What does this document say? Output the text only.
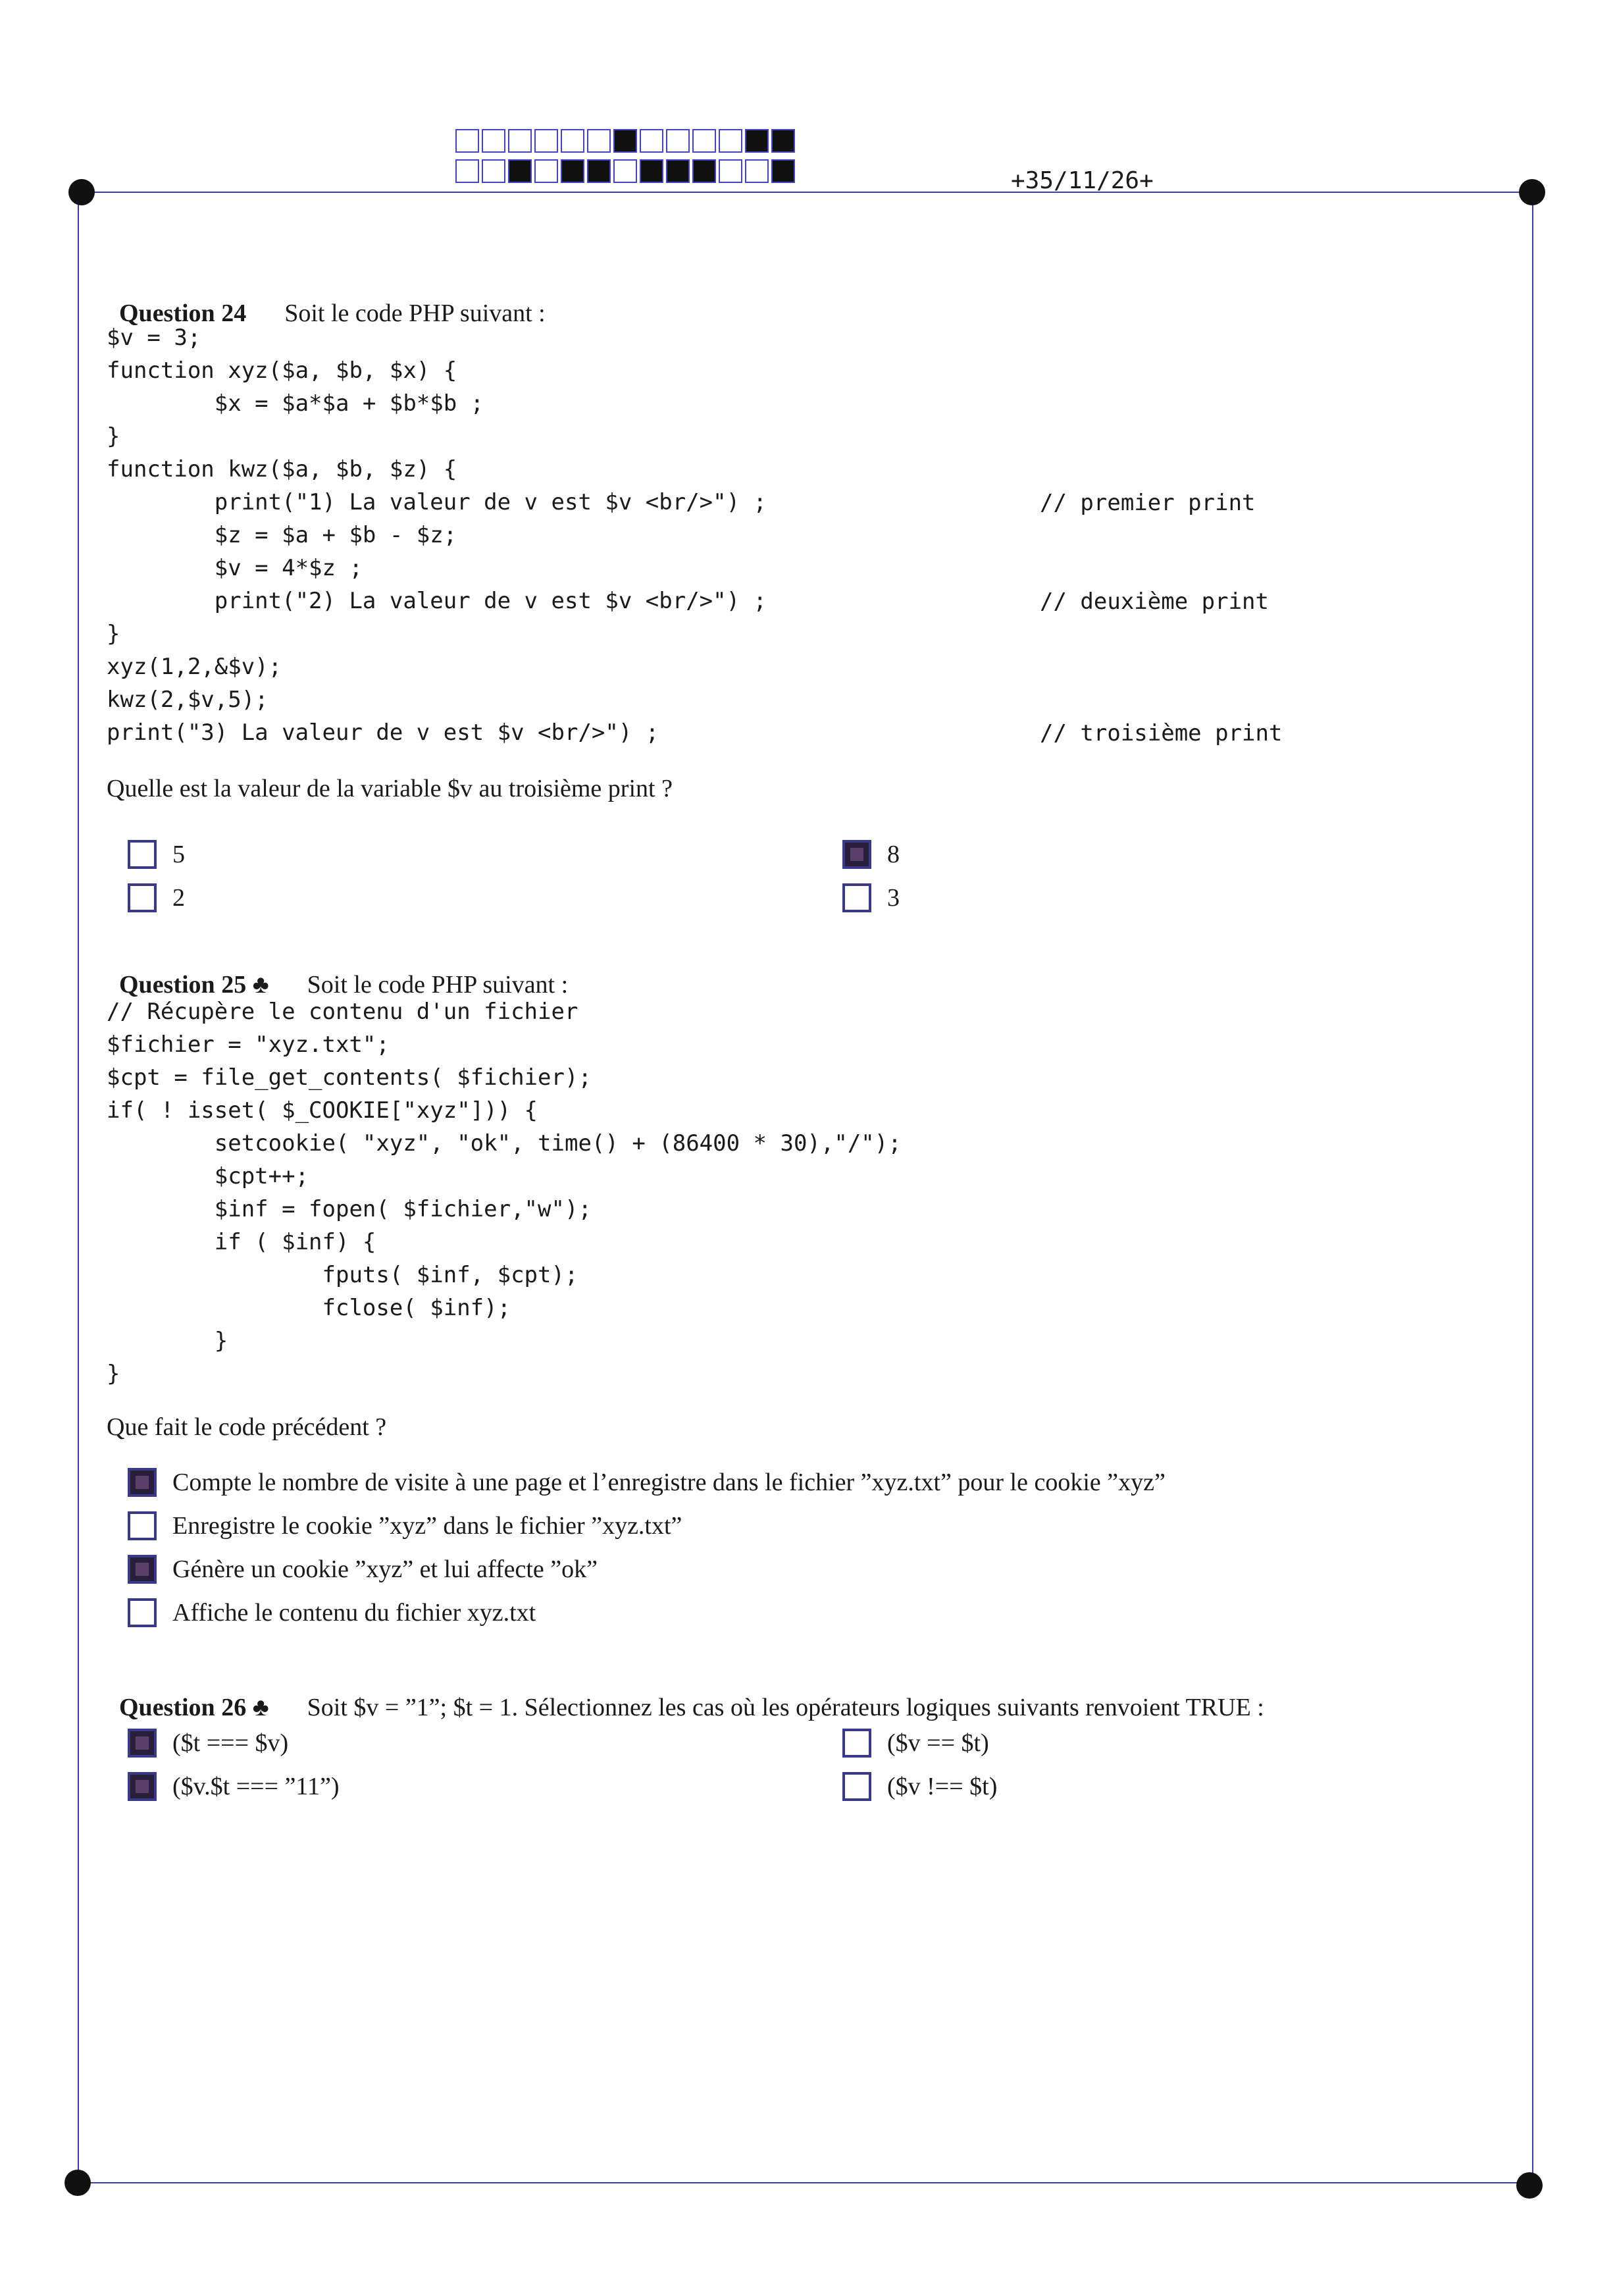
+35/11/26+

Question 24 Soit le code PHP suivant :

$v = 3;
function xyz($a, $b, $x) {
$x = $a*$a + $b*$b ;
}
function kwz($a, $b, $z) {
print("1) La valeur de v est $v <br/>") ;
$z = $a + $b - $z;
$v = 4*$z ;
print("2) La valeur de v est $v <br/>") ;
}
xyz(1,2,&$v);
kwz(2,$v,5);
print("3) La valeur de v est $v <br/>") ;
// premier print
// deuxième print
// troisième print
Quelle est la valeur de la variable $v au troisième print ?
5
2
8
3

Question 25 ♣ Soit le code PHP suivant :

// Récupère le contenu d'un fichier
$fichier = "xyz.txt";
$cpt = file_get_contents( $fichier);
if( ! isset( $_COOKIE["xyz"])) {
setcookie( "xyz", "ok", time() + (86400 * 30),"/");
$cpt++;
$inf = fopen( $fichier,"w");
if ( $inf) {
fputs( $inf, $cpt);
fclose( $inf);
}
}
Que fait le code précédent ?
Compte le nombre de visite à une page et l’enregistre dans le fichier ”xyz.txt” pour le cookie ”xyz”
Enregistre le cookie ”xyz” dans le fichier ”xyz.txt”
Génère un cookie ”xyz” et lui affecte ”ok”
Affiche le contenu du fichier xyz.txt

Question 26 ♣ Soit $v = ”1”; $t = 1. Sélectionnez les cas où les opérateurs logiques suivants renvoient TRUE :

($t === $v)
($v.$t === ”11”)
($v == $t)
($v !== $t)
